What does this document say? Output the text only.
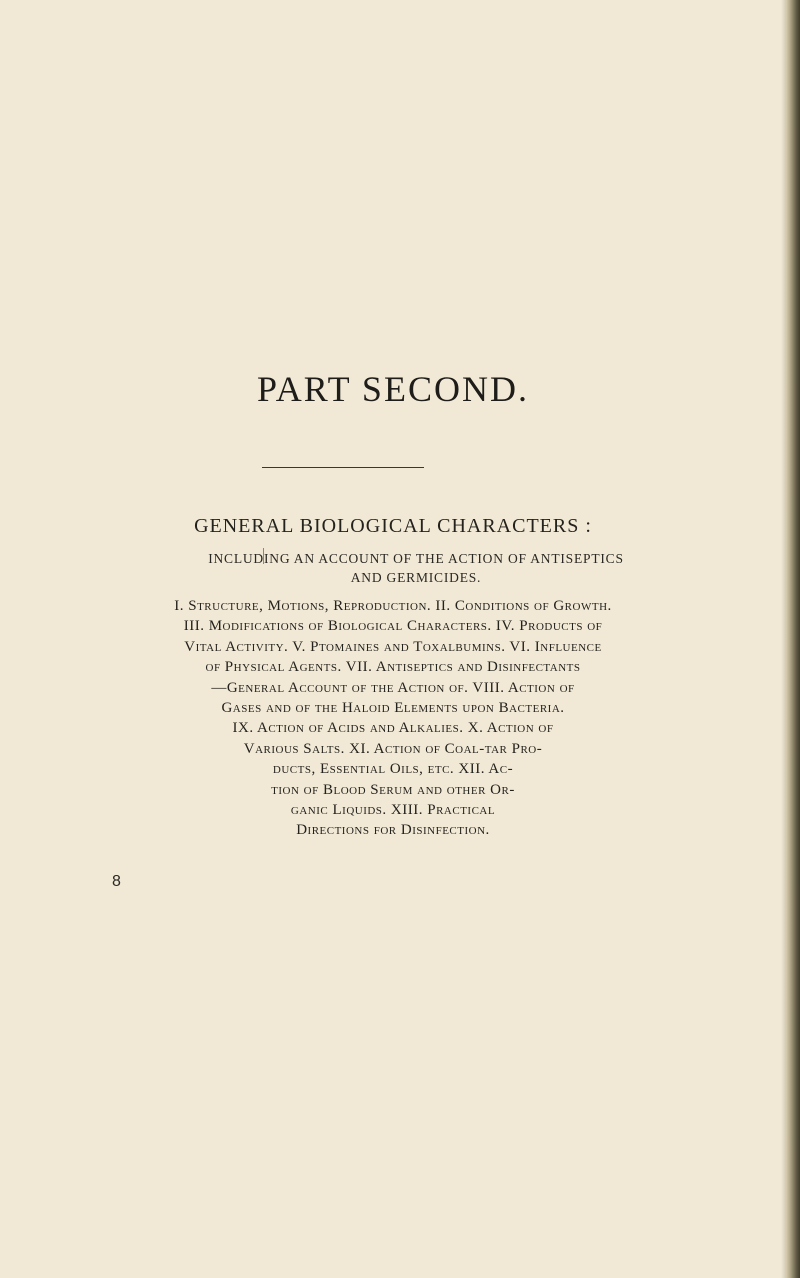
PART SECOND.
GENERAL BIOLOGICAL CHARACTERS :
INCLUDING AN ACCOUNT OF THE ACTION OF ANTISEPTICS
AND GERMICIDES.
I. Structure, Motions, Reproduction. II. Conditions of Growth.
III. Modifications of Biological Characters. IV. Products of
Vital Activity. V. Ptomaines and Toxalbumins. VI. Influence
of Physical Agents. VII. Antiseptics and Disinfectants
—General Account of the Action of. VIII. Action of
Gases and of the Haloid Elements upon Bacteria.
IX. Action of Acids and Alkalies. X. Action of
Various Salts. XI. Action of Coal-tar Pro-
ducts, Essential Oils, etc. XII. Ac-
tion of Blood Serum and other Or-
ganic Liquids. XIII. Practical
Directions for Disinfection.
8
